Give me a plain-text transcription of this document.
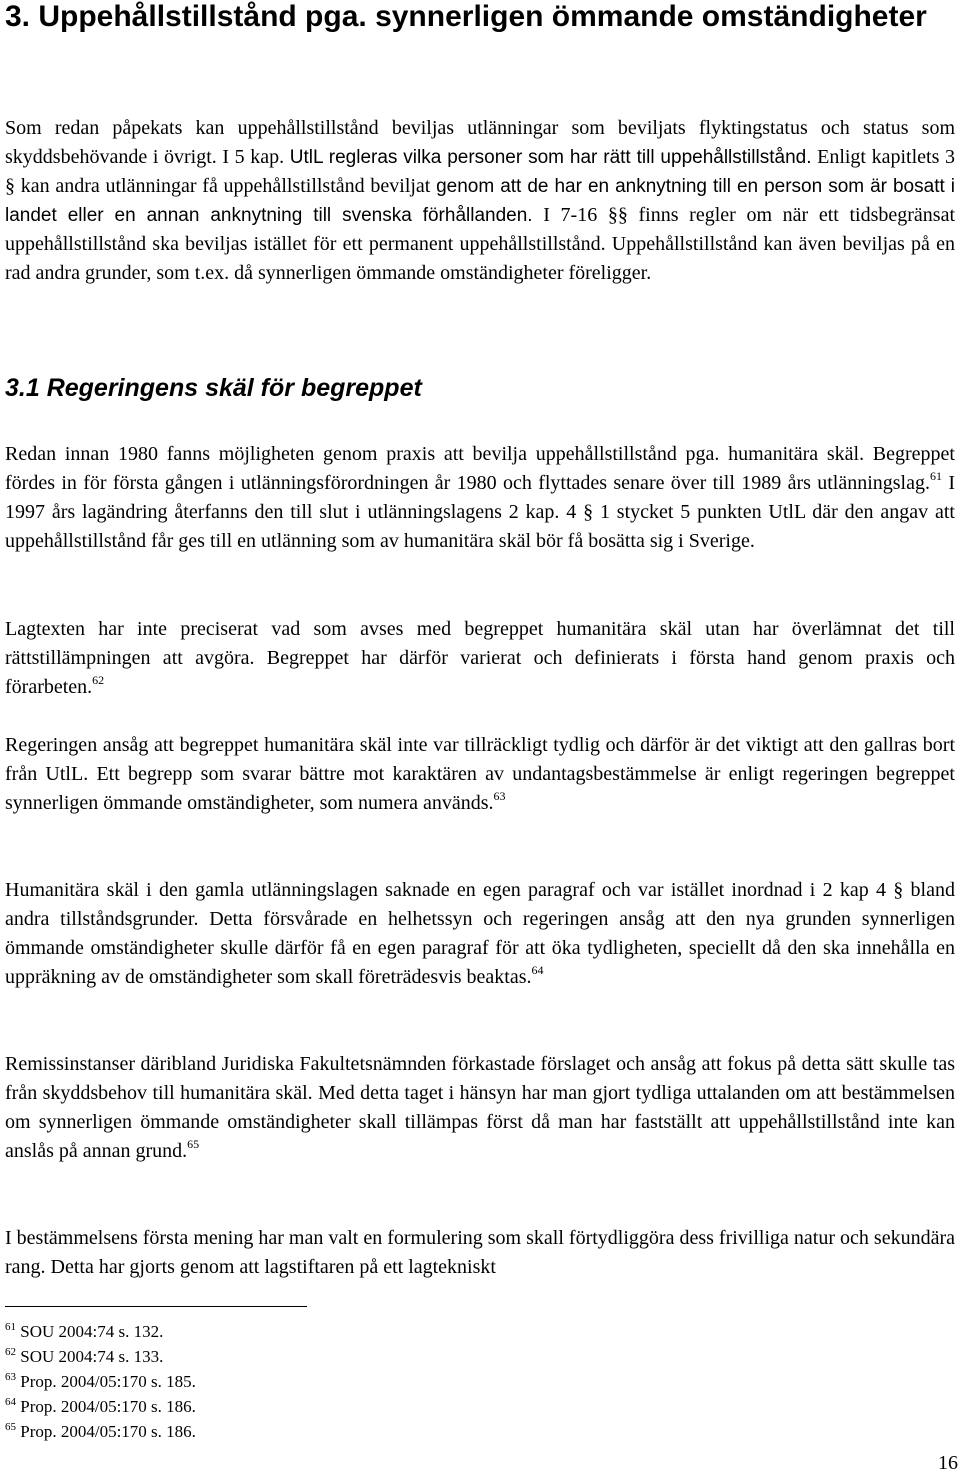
3. Uppehållstillstånd pga. synnerligen ömmande omständigheter

Som redan påpekats kan uppehållstillstånd beviljas utlänningar som beviljats flyktingstatus och status som skyddsbehövande i övrigt. I 5 kap. UtlL regleras vilka personer som har rätt till uppehållstillstånd. Enligt kapitlets 3 § kan andra utlänningar få uppehållstillstånd beviljat genom att de har en anknytning till en person som är bosatt i landet eller en annan anknytning till svenska förhållanden. I 7-16 §§ finns regler om när ett tidsbegränsat uppehållstillstånd ska beviljas istället för ett permanent uppehållstillstånd. Uppehållstillstånd kan även beviljas på en rad andra grunder, som t.ex. då synnerligen ömmande omständigheter föreligger.

3.1 Regeringens skäl för begreppet

Redan innan 1980 fanns möjligheten genom praxis att bevilja uppehållstillstånd pga. humanitära skäl. Begreppet fördes in för första gången i utlänningsförordningen år 1980 och flyttades senare över till 1989 års utlänningslag.$^{61}$ I 1997 års lagändring återfanns den till slut i utlänningslagens 2 kap. 4 § 1 stycket 5 punkten UtlL där den angav att uppehållstillstånd får ges till en utlänning som av humanitära skäl bör få bosätta sig i Sverige.

Lagtexten har inte preciserat vad som avses med begreppet humanitära skäl utan har överlämnat det till rättstillämpningen att avgöra. Begreppet har därför varierat och definierats i första hand genom praxis och förarbeten.$^{62}$

Regeringen ansåg att begreppet humanitära skäl inte var tillräckligt tydlig och därför är det viktigt att den gallras bort från UtlL. Ett begrepp som svarar bättre mot karaktären av undantagsbestämmelse är enligt regeringen begreppet synnerligen ömmande omständigheter, som numera används.$^{63}$

Humanitära skäl i den gamla utlänningslagen saknade en egen paragraf och var istället inordnad i 2 kap 4 § bland andra tillståndsgrunder. Detta försvårade en helhetssyn och regeringen ansåg att den nya grunden synnerligen ömmande omständigheter skulle därför få en egen paragraf för att öka tydligheten, speciellt då den ska innehålla en uppräkning av de omständigheter som skall företrädesvis beaktas.$^{64}$

Remissinstanser däribland Juridiska Fakultetsnämnden förkastade förslaget och ansåg att fokus på detta sätt skulle tas från skyddsbehov till humanitära skäl. Med detta taget i hänsyn har man gjort tydliga uttalanden om att bestämmelsen om synnerligen ömmande omständigheter skall tillämpas först då man har fastställt att uppehållstillstånd inte kan anslås på annan grund.$^{65}$

I bestämmelsens första mening har man valt en formulering som skall förtydliggöra dess frivilliga natur och sekundära rang. Detta har gjorts genom att lagstiftaren på ett lagtekniskt

$^{61}$ SOU 2004:74 s. 132.
$^{62}$ SOU 2004:74 s. 133.
$^{63}$ Prop. 2004/05:170 s. 185.
$^{64}$ Prop. 2004/05:170 s. 186.
$^{65}$ Prop. 2004/05:170 s. 186.
16
